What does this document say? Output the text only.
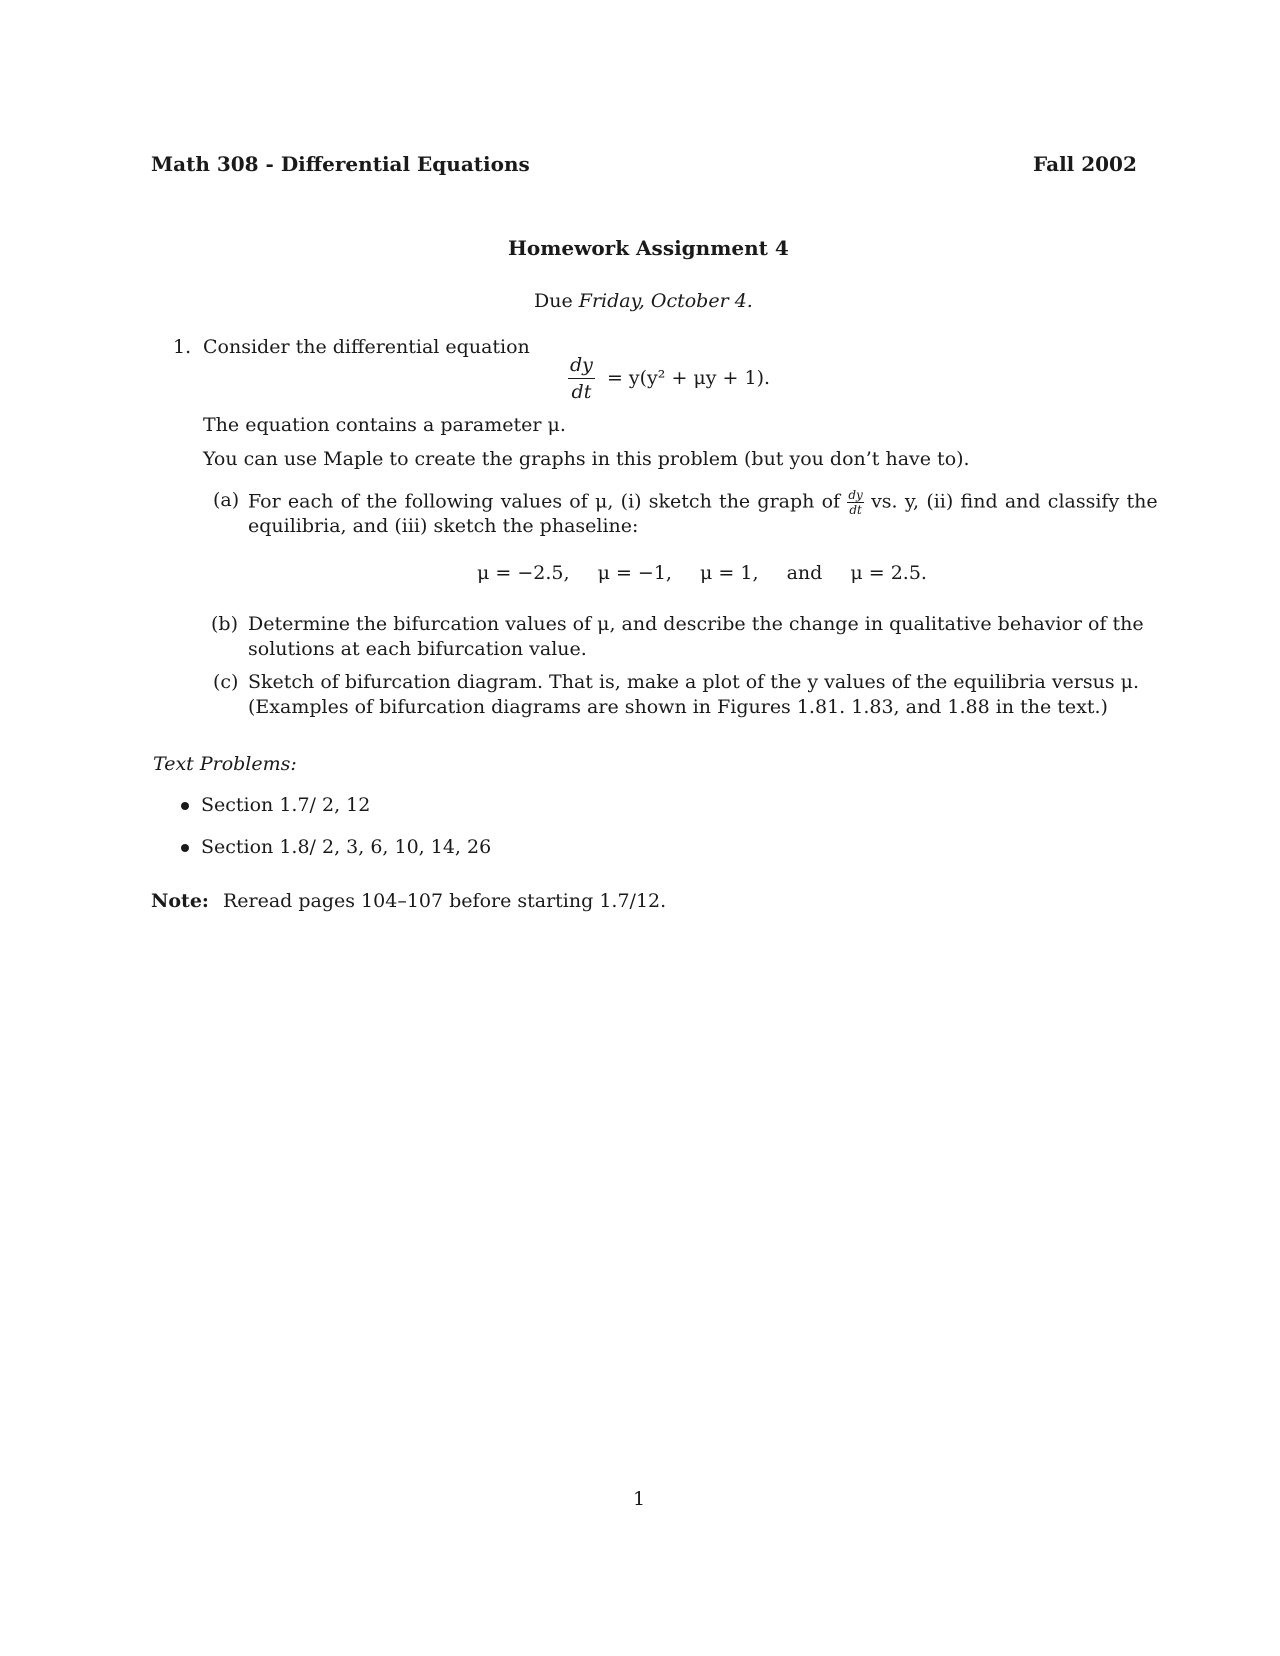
Math 308 - Differential Equations	Fall 2002
Homework Assignment 4
Due Friday, October 4.
1. Consider the differential equation
$\frac{dy}{dt} = y(y^2 + \mu y + 1)$.
The equation contains a parameter μ.
You can use Maple to create the graphs in this problem (but you don’t have to).
(a) For each of the following values of μ, (i) sketch the graph of $\frac{dy}{dt}$ vs. y, (ii) find and classify the
equilibria, and (iii) sketch the phaseline:
μ = −2.5, μ = −1, μ = 1, and μ = 2.5.
(b) Determine the bifurcation values of μ, and describe the change in qualitative behavior of the
solutions at each bifurcation value.
(c) Sketch of bifurcation diagram. That is, make a plot of the y values of the equilibria versus μ.
(Examples of bifurcation diagrams are shown in Figures 1.81. 1.83, and 1.88 in the text.)
Text Problems:
Section 1.7/ 2, 12
Section 1.8/ 2, 3, 6, 10, 14, 26
Note: Reread pages 104–107 before starting 1.7/12.
1
